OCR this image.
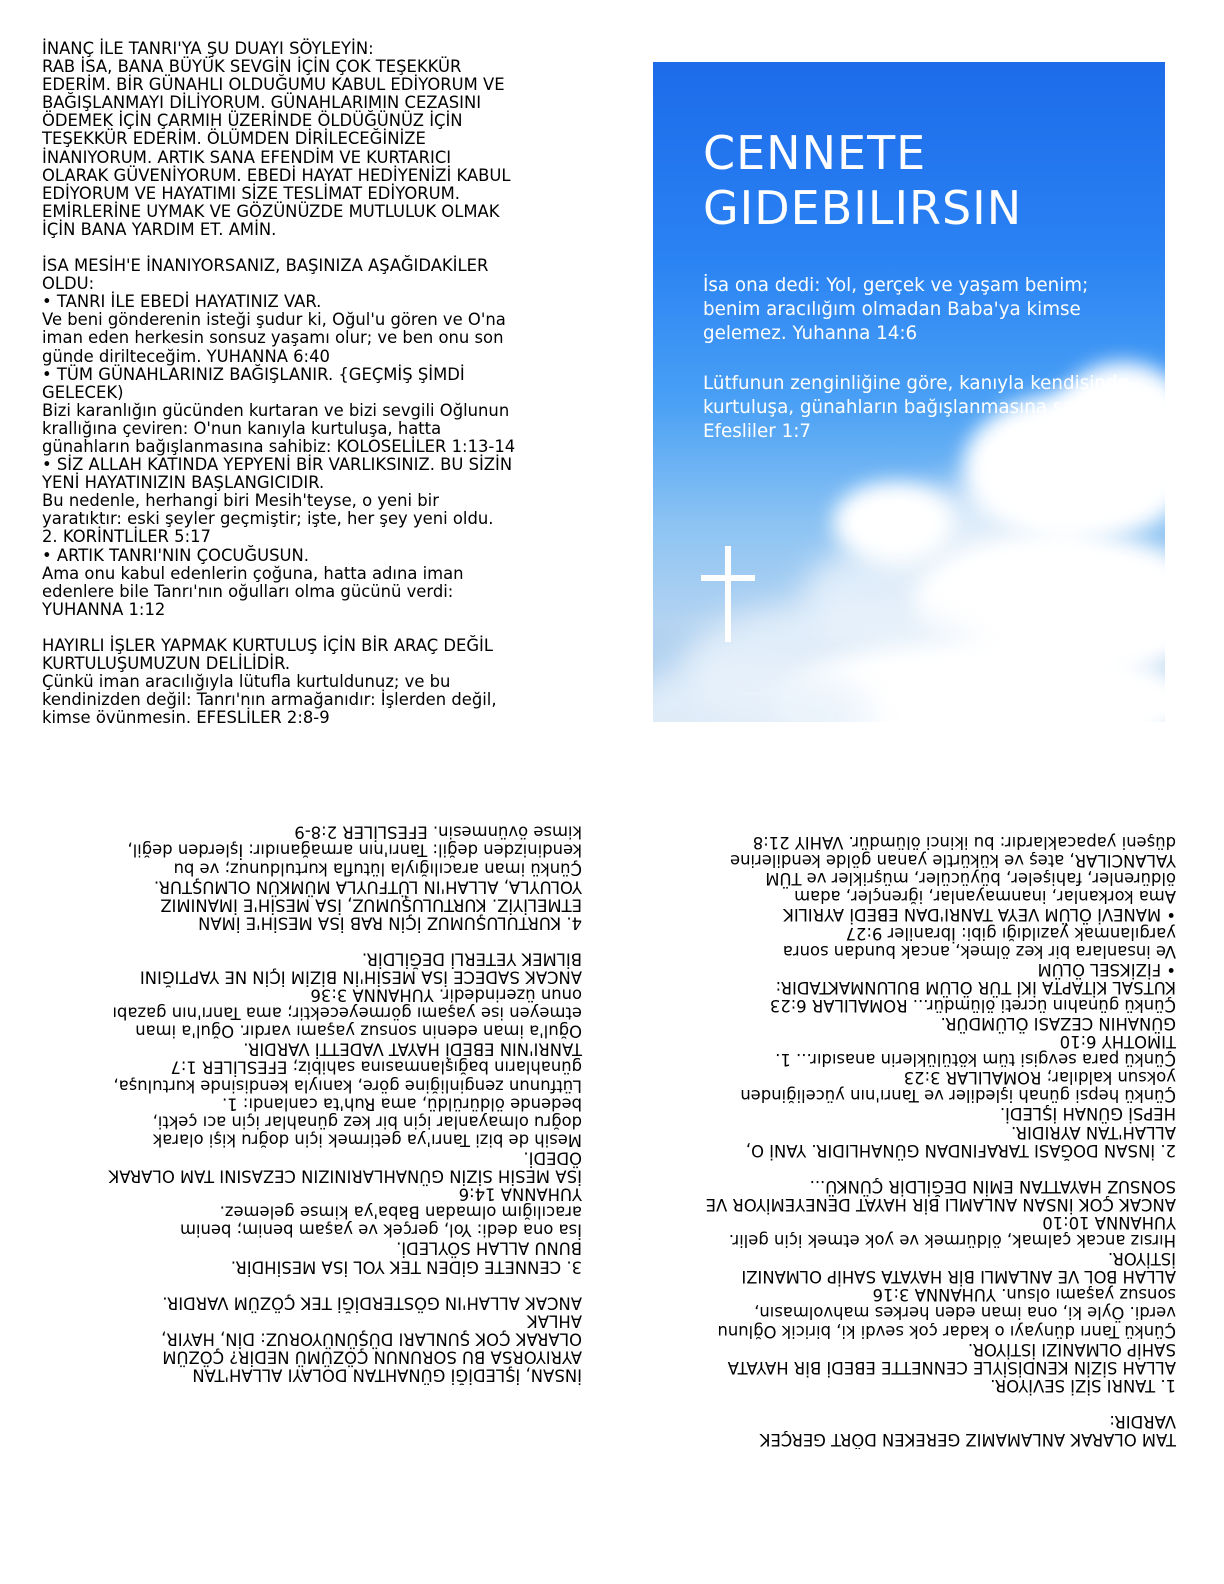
İNANÇ İLE TANRI'YA ŞU DUAYI SÖYLEYİN:

RAB İSA, BANA BÜYÜK SEVGİN İÇİN ÇOK TEŞEKKÜR

EDERİM. BİR GÜNAHLI OLDUĞUMU KABUL EDİYORUM VE

BAĞIŞLANMAYI DİLİYORUM. GÜNAHLARIMIN CEZASINI

ÖDEMEK İÇİN ÇARMIH ÜZERİNDE ÖLDÜĞÜNÜZ İÇİN

TEŞEKKÜR EDERİM. ÖLÜMDEN DİRİLECEĞİNİZE

İNANIYORUM. ARTIK SANA EFENDİM VE KURTARICI

OLARAK GÜVENİYORUM. EBEDİ HAYAT HEDİYENİZİ KABUL

EDİYORUM VE HAYATIMI SİZE TESLİMAT EDİYORUM.

EMİRLERİNE UYMAK VE GÖZÜNÜZDE MUTLULUK OLMAK

İÇİN BANA YARDIM ET. AMİN.

İSA MESİH'E İNANIYORSANIZ, BAŞINIZA AŞAĞIDAKİLER

OLDU:

• TANRI İLE EBEDİ HAYATINIZ VAR.

Ve beni gönderenin isteği şudur ki, Oğul'u gören ve O'na

iman eden herkesin sonsuz yaşamı olur; ve ben onu son

günde dirilteceğim. YUHANNA 6:40

• TÜM GÜNAHLARINIZ BAĞIŞLANIR. {GEÇMİŞ ŞİMDİ

GELECEK)

Bizi karanlığın gücünden kurtaran ve bizi sevgili Oğlunun

krallığına çeviren: O'nun kanıyla kurtuluşa, hatta

günahların bağışlanmasına sahibiz: KOLOSELİLER 1:13-14

• SİZ ALLAH KATINDA YEPYENİ BİR VARLIKSINIZ. BU SİZİN

YENİ HAYATINIZIN BAŞLANGICIDIR.

Bu nedenle, herhangi biri Mesih'teyse, o yeni bir

yaratıktır: eski şeyler geçmiştir; işte, her şey yeni oldu.

2. KORİNTLİLER 5:17

• ARTIK TANRI'NIN ÇOCUĞUSUN.

Ama onu kabul edenlerin çoğuna, hatta adına iman

edenlere bile Tanrı'nın oğulları olma gücünü verdi:

YUHANNA 1:12

HAYIRLI İŞLER YAPMAK KURTULUŞ İÇİN BİR ARAÇ DEĞİL

KURTULUŞUMUZUN DELİLİDİR.

Çünkü iman aracılığıyla lütufla kurtuldunuz; ve bu

kendinizden değil: Tanrı'nın armağanıdır: İşlerden değil,

kimse övünmesin. EFESLİLER 2:8-9

CENNETE GIDEBILIRSIN
İsa ona dedi: Yol, gerçek ve yaşam benim; benim aracılığım olmadan Baba'ya kimse gelemez. Yuhanna 14:6
Lütfunun zenginliğine göre, kanıyla kendisinde kurtuluşa, günahların bağışlanmasına sahibiz; Efesliler 1:7

İNSAN, İŞLEDİĞİ GÜNAHTAN DOLAYI ALLAH'TAN

AYRIYORSA BU SORUNUN ÇÖZÜMÜ NEDİR? ÇÖZÜM

OLARAK ÇOK ŞUNLARI DÜŞÜNÜYORUZ: DİN, HAYIR,

AHLAK

ANCAK ALLAH'IN GÖSTERDİĞİ TEK ÇÖZÜM VARDIR.

3. CENNETE GİDEN TEK YOL İSA MESİHDİR.

BUNU ALLAH SÖYLEDİ.

İsa ona dedi: Yol, gerçek ve yaşam benim; benim

aracılığım olmadan Baba'ya kimse gelemez.

YUHANNA 14:6

İSA MESİH SİZİN GÜNAHLARINIZIN CEZASINI TAM OLARAK

ÖDEDİ.

Mesih de bizi Tanrı'ya getirmek için doğru kişi olarak

doğru olmayanlar için bir kez günahlar için acı çekti,

bedende öldürüldü, ama Ruh'ta canlandı: 1.

Lütfunun zenginliğine göre, kanıyla kendisinde kurtuluşa,

günahların bağışlanmasına sahibiz; EFESLİLER 1:7

TANRI'NIN EBEDİ HAYAT VADETTİ VARDIR.

Oğul'a iman edenin sonsuz yaşamı vardır. Oğul'a iman

etmeyen ise yaşamı görmeyecektir; ama Tanrı'nın gazabı

onun üzerindedir. YUHANNA 3:36

ANCAK SADECE İSA MESİH'İN BİZİM İÇİN NE YAPTIĞINI

BİLMEK YETERLİ DEĞİLDİR.

4. KURTULUŞUMUZ İÇİN RAB İSA MESİH'E İMAN

ETMELİYİZ. KURTULUŞUMUZ, İSA MESİH'E İMANIMIZ

YOLUYLA, ALLAH'IN LÜTFUYLA MÜMKÜN OLMUŞTUR.

Çünkü iman aracılığıyla lütufla kurtuldunuz; ve bu

kendinizden değil: Tanrı'nın armağanıdır: İşlerden değil,

kimse övünmesin. EFESLİLER 2:8-9

TAM OLARAK ANLAMAMIZ GEREKEN DÖRT GERÇEK

VARDIR:

1. TANRI SİZİ SEVİYOR.

ALLAH SİZİN KENDİSİYLE CENNETTE EBEDİ BİR HAYATA

SAHİP OLMANIZI İSTİYOR.

Çünkü Tanrı dünyayı o kadar çok sevdi ki, biricik Oğlunu

verdi. Öyle ki, ona iman eden herkes mahvolmasın,

sonsuz yaşamı olsun. YUHANNA 3:16

ALLAH BOL VE ANLAMLI BİR HAYATA SAHİP OLMANIZI

İSTİYOR.

Hırsız ancak çalmak, öldürmek ve yok etmek için gelir.

YUHANNA 10:10

ANCAK ÇOK İNSAN ANLAMLI BİR HAYAT DENEYEMİYOR VE

SONSUZ HAYATTAN EMİN DEĞİLDİR ÇÜNKÜ...

2. İNSAN DOĞASI TARAFINDAN GÜNAHLIDIR. YANİ O,

ALLAH'TAN AYRIDIR.

HEPSİ GÜNAH İŞLEDİ.

Çünkü hepsi günah işlediler ve Tanrı'nın yüceliğinden

yoksun kaldılar; ROMALILAR 3:23

Çünkü para sevgisi tüm kötülüklerin anasıdır... 1.

TIMOTHY 6:10

GÜNAHIN CEZASI ÖLÜMDÜR.

Çünkü günahın ücreti ölümdür... ROMALILAR 6:23

KUTSAL KİTAPTA İKİ TÜR ÖLÜM BULUNMAKTADIR:

• FİZİKSEL ÖLÜM

Ve insanlara bir kez ölmek, ancak bundan sonra

yargılanmak yazıldığı gibi: İbraniler 9:27

• MANEVİ ÖLÜM VEYA TANRI'DAN EBEDİ AYRILIK

Ama korkanlar, inanmayanlar, iğrençler, adam

öldürenler, fahişeler, büyücüler, müşrikler ve TÜM

YALANCILAR, ateş ve kükürtle yanan gölde kendilerine

düşeni yapacaklardır: bu ikinci ölümdür. VAHIY 21:8
